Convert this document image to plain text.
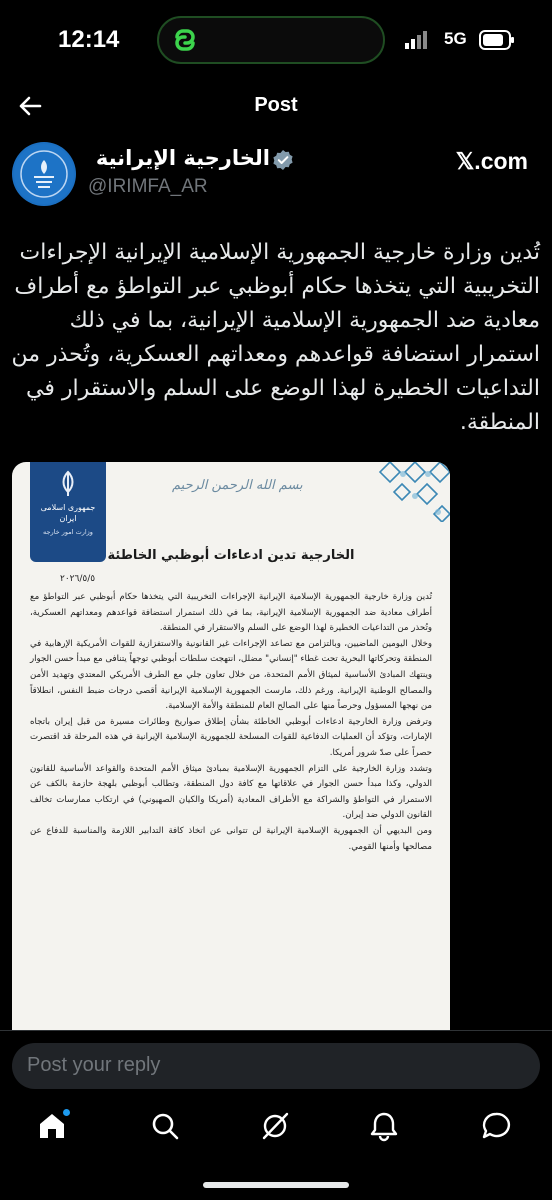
12:14	5G
Post
الخارجية الإيرانية
@IRIMFA_AR
𝕏.com
تُدين وزارة خارجية الجمهورية الإسلامية الإيرانية الإجراءات التخريبية التي يتخذها حكام أبوظبي عبر التواطؤ مع أطراف معادية ضد الجمهورية الإسلامية الإيرانية، بما في ذلك استمرار استضافة قواعدهم ومعداتهم العسكرية، وتُحذر من التداعيات الخطيرة لهذا الوضع على السلم والاستقرار في المنطقة.
جمهوری اسلامی ایران
وزارت امور خارجه
بسم الله الرحمن الرحيم
الخارجية تدين ادعاءات أبوظبي الخاطئة
٢٠٢٦/٥/٥

تُدين وزارة خارجية الجمهورية الإسلامية الإيرانية الإجراءات التخريبية التي يتخذها حكام أبوظبي عبر التواطؤ مع أطراف معادية ضد الجمهورية الإسلامية الإيرانية، بما في ذلك استمرار استضافة قواعدهم ومعداتهم العسكرية، وتُحذر من التداعيات الخطيرة لهذا الوضع على السلم والاستقرار في المنطقة.

وخلال اليومين الماضيين، وبالتزامن مع تصاعد الإجراءات غير القانونية والاستفزازية للقوات الأمريكية الإرهابية في المنطقة وتحركاتها البحرية تحت غطاء "إنساني" مضلل، انتهجت سلطات أبوظبي توجهاً يتنافى مع مبدأ حسن الجوار وينتهك المبادئ الأساسية لميثاق الأمم المتحدة، من خلال تعاون جلي مع الطرف الأمريكي المعتدي وتهديد الأمن والمصالح الوطنية الإيرانية. ورغم ذلك، مارست الجمهورية الإسلامية الإيرانية أقصى درجات ضبط النفس، انطلاقاً من نهجها المسؤول وحرصاً منها على الصالح العام للمنطقة والأمة الإسلامية.

وترفض وزارة الخارجية ادعاءات أبوظبي الخاطئة بشأن إطلاق صواريخ وطائرات مسيرة من قبل إيران باتجاه الإمارات، وتؤكد أن العمليات الدفاعية للقوات المسلحة للجمهورية الإسلامية الإيرانية في هذه المرحلة قد اقتصرت حصراً على صدّ شرور أمريكا.

وتشدد وزارة الخارجية على التزام الجمهورية الإسلامية بمبادئ ميثاق الأمم المتحدة والقواعد الأساسية للقانون الدولي، وكذا مبدأ حسن الجوار في علاقاتها مع كافة دول المنطقة، وتطالب أبوظبي بلهجة حازمة بالكف عن الاستمرار في التواطؤ والشراكة مع الأطراف المعادية (أمريكا والكيان الصهيوني) في ارتكاب ممارسات تخالف القانون الدولي ضد إيران.

ومن البديهي أن الجمهورية الإسلامية الإيرانية لن تتوانى عن اتخاذ كافة التدابير اللازمة والمناسبة للدفاع عن مصالحها وأمنها القومي.

Post your reply
